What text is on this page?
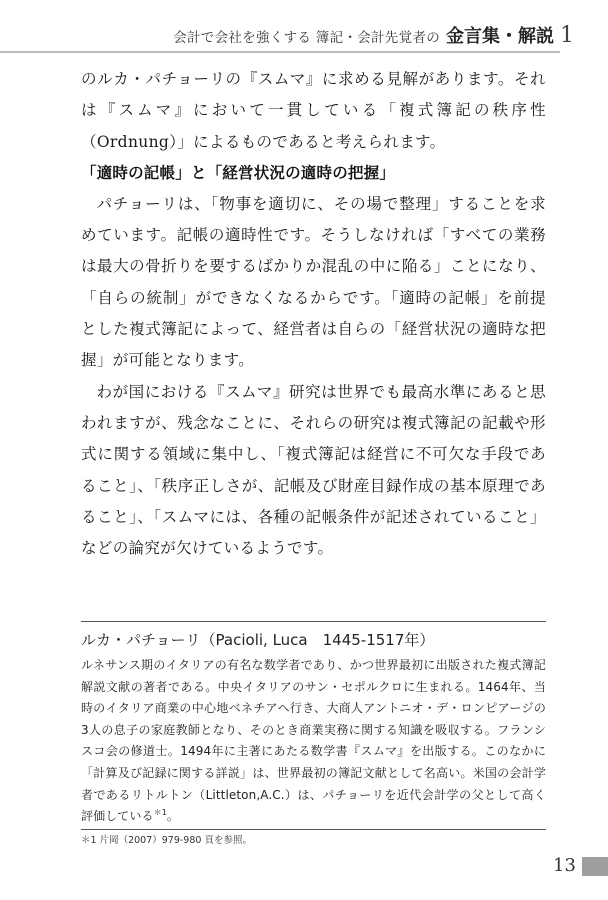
会計で会社を強くする 簿記・会計先覚者の 金言集・解説 1

のルカ・パチョーリの『スムマ』に求める見解があります。それは『スムマ』において一貫している「複式簿記の秩序性（Ordnung）」によるものであると考えられます。

「適時の記帳」と「経営状況の適時の把握」

パチョーリは、「物事を適切に、その場で整理」することを求めています。記帳の適時性です。そうしなければ「すべての業務は最大の骨折りを要するばかりか混乱の中に陥る」ことになり、「自らの統制」ができなくなるからです。「適時の記帳」を前提とした複式簿記によって、経営者は自らの「経営状況の適時な把握」が可能となります。

わが国における『スムマ』研究は世界でも最高水準にあると思われますが、残念なことに、それらの研究は複式簿記の記載や形式に関する領域に集中し、「複式簿記は経営に不可欠な手段であること」、「秩序正しさが、記帳及び財産目録作成の基本原理であること」、「スムマには、各種の記帳条件が記述されていること」などの論究が欠けているようです。

ルカ・パチョーリ（Pacioli, Luca　1445-1517年）

ルネサンス期のイタリアの有名な数学者であり、かつ世界最初に出版された複式簿記解説文献の著者である。中央イタリアのサン・セポルクロに生まれる。1464年、当時のイタリア商業の中心地ベネチアへ行き、大商人アントニオ・デ・ロンピアージの3人の息子の家庭教師となり、そのとき商業実務に関する知識を吸収する。フランシスコ会の修道士。1494年に主著にあたる数学書『スムマ』を出版する。このなかに「計算及び記録に関する詳説」は、世界最初の簿記文献として名高い。米国の会計学者であるリトルトン（Littleton,A.C.）は、パチョーリを近代会計学の父として高く評価している$^{*1}$。

＊1 片岡（2007）979-980 頁を参照。

13
